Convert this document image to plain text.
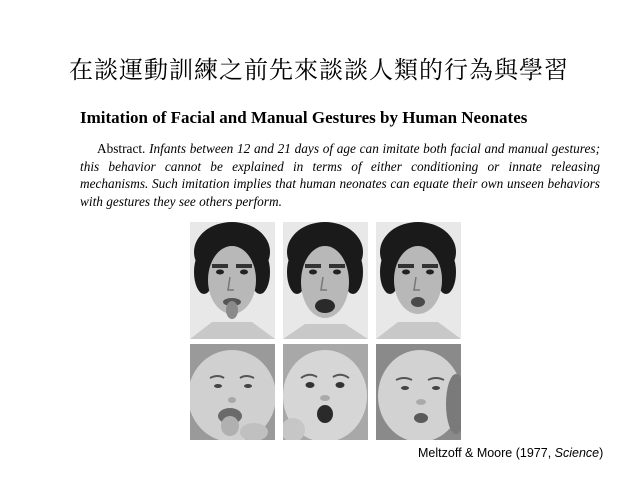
在談運動訓練之前先來談談人類的行為與學習
Imitation of Facial and Manual Gestures by Human Neonates
Abstract. Infants between 12 and 21 days of age can imitate both facial and manual gestures; this behavior cannot be explained in terms of either conditioning or innate releasing mechanisms. Such imitation implies that human neonates can equate their own unseen behaviors with gestures they see others perform.
Meltzoff & Moore (1977, Science)
